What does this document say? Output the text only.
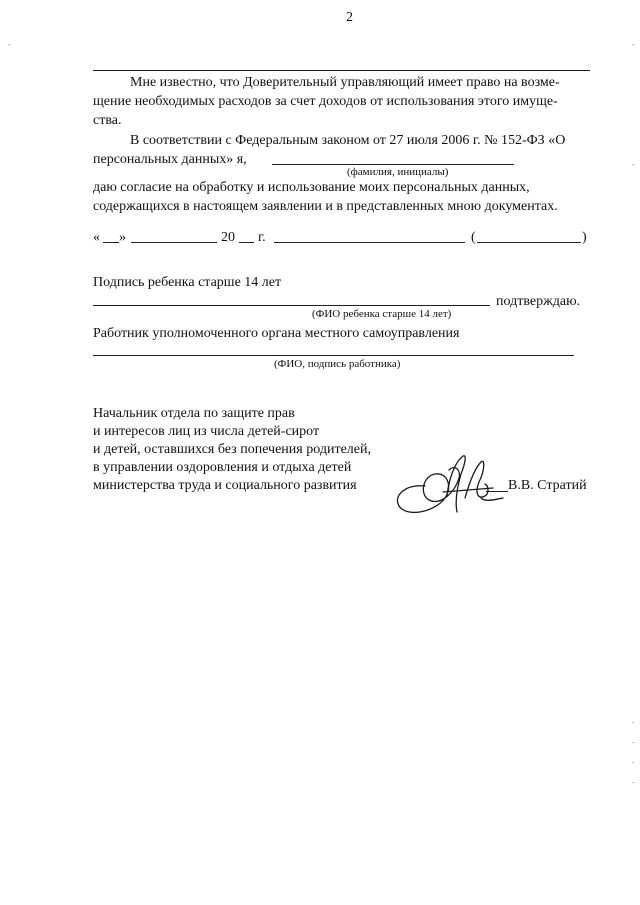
2
Мне известно, что Доверительный управляющий имеет право на возме-
щение необходимых расходов за счет доходов от использования этого имуще-
ства.
В соответствии с Федеральным законом от 27 июля 2006 г. № 152-ФЗ «О
персональных данных» я,
(фамилия, инициалы)
даю согласие на обработку и использование моих персональных данных,
содержащихся в настоящем заявлении и в представленных мною документах.
« »	20 г.	(	)
Подпись ребенка старше 14 лет
подтверждаю.
(ФИО ребенка старше 14 лет)
Работник уполномоченного органа местного самоуправления
(ФИО, подпись работника)
Начальник отдела по защите прав
и интересов лиц из числа детей-сирот
и детей, оставшихся без попечения родителей,
в управлении оздоровления и отдыха детей
министерства труда и социального развития	В.В. Стратий
